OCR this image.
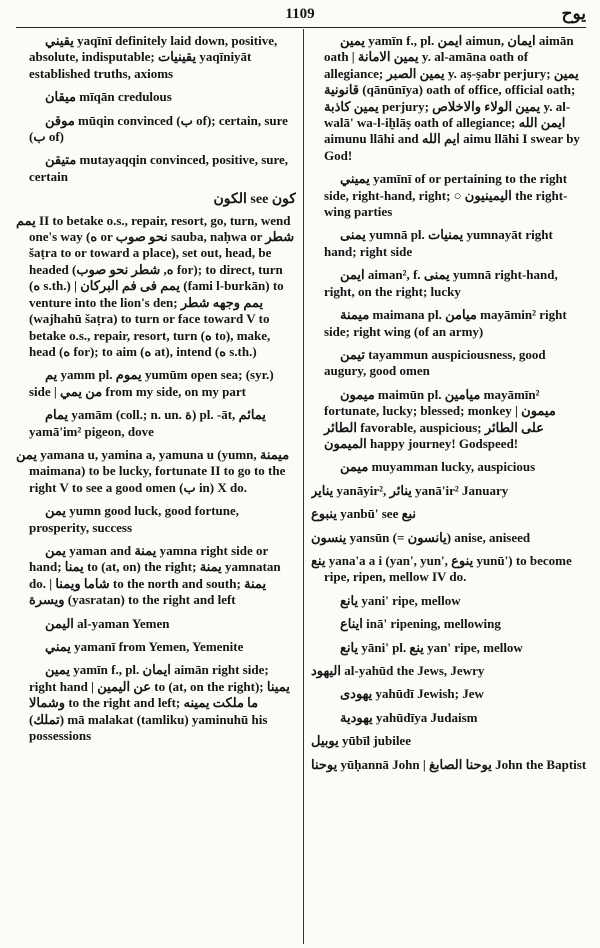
1109	يوح
يقيني yaqīnī definitely laid down, positive, absolute, indisputable; يقينيات yaqīniyāt established truths, axioms
ميقان mīqān credulous
موقن mūqin convinced (ب of); certain, sure (ب of)
متيقن mutayaqqin convinced, positive, sure, certain
الكون see كون
يمم II to betake o.s., repair, resort, go, turn, wend one's way (ه or نحو صوب sauba, naḥwa or شطر šaṭra to or toward a place), set out, head, be headed (ه, شطر نحو صوب for); to direct, turn (ه s.th.) | يمم فى فم البركان (fami l-burkān) to venture into the lion's den; يمم وجهه شطر (wajhahū šaṭra) to turn or face toward V to betake o.s., repair, resort, turn (ه to), make, head (ه for); to aim (ه at), intend (ه s.th.)
يم yamm pl. يموم yumūm open sea; (syr.) side | من يمي from my side, on my part
يمام yamām (coll.; n. un. ة) pl. -āt, يمائم yamā'im² pigeon, dove
يمن yamana u, yamina a, yamuna u (yumn, ميمنة maimana) to be lucky, fortunate II to go to the right V to see a good omen (ب in) X do.
يمن yumn good luck, good fortune, prosperity, success
يمن yaman and يمنة yamna right side or hand; يمنا to (at, on) the right; يمنة yamnatan do. | شاما ويمنا to the north and south; يمنة ويسرة (yasratan) to the right and left
اليمن al-yaman Yemen
يمني yamanī from Yemen, Yemenite
يمين yamīn f., pl. ايمان aimān right side; right hand | عن اليمين to (at, on the right); يمينا وشمالا to the right and left; ما ملكت يمينه (تملك) mā malakat (tamliku) yaminuhū his possessions
يمين yamīn f., pl. ايمن aimun, ايمان aimān oath | يمين الامانة y. al-amāna oath of allegiance; يمين الصبر y. aṣ-ṣabr perjury; يمين قانونية (qānūnīya) oath of office, official oath; يمين كاذبة perjury; يمين الولاء والاخلاص y. al-walā' wa-l-iḫlāṣ oath of allegiance; ايمن الله aimunu llāhi and ايم الله aimu llāhi I swear by God!
يميني yamīnī of or pertaining to the right side, right-hand, right; ○ اليمينيون the right-wing parties
يمنى yumnā pl. يمنيات yumnayāt right hand; right side
ايمن aiman², f. يمنى yumnā right-hand, right, on the right; lucky
ميمنة maimana pl. ميامن mayāmin² right side; right wing (of an army)
تيمن tayammun auspiciousness, good augury, good omen
ميمون maimūn pl. ميامين mayāmīn² fortunate, lucky; blessed; monkey | ميمون الطائر favorable, auspicious; على الطائر الميمون happy journey! Godspeed!
ميمن muyamman lucky, auspicious
يناير yanāyir², ينائر yanā'ir² January
ينبوع yanbū' see نبع
ينسون yansūn (= يانسون) anise, aniseed
ينع yana'a a i (yan', yun', ينوع yunū') to become ripe, ripen, mellow IV do.
يانع yani' ripe, mellow
ايناع inā' ripening, mellowing
يانع yāni' pl. ينع yan' ripe, mellow
اليهود al-yahūd the Jews, Jewry
يهودى yahūdī Jewish; Jew
يهودية yahūdīya Judaism
يوبيل yūbīl jubilee
يوحنا yūḥannā John | يوحنا الصابغ John the Baptist
